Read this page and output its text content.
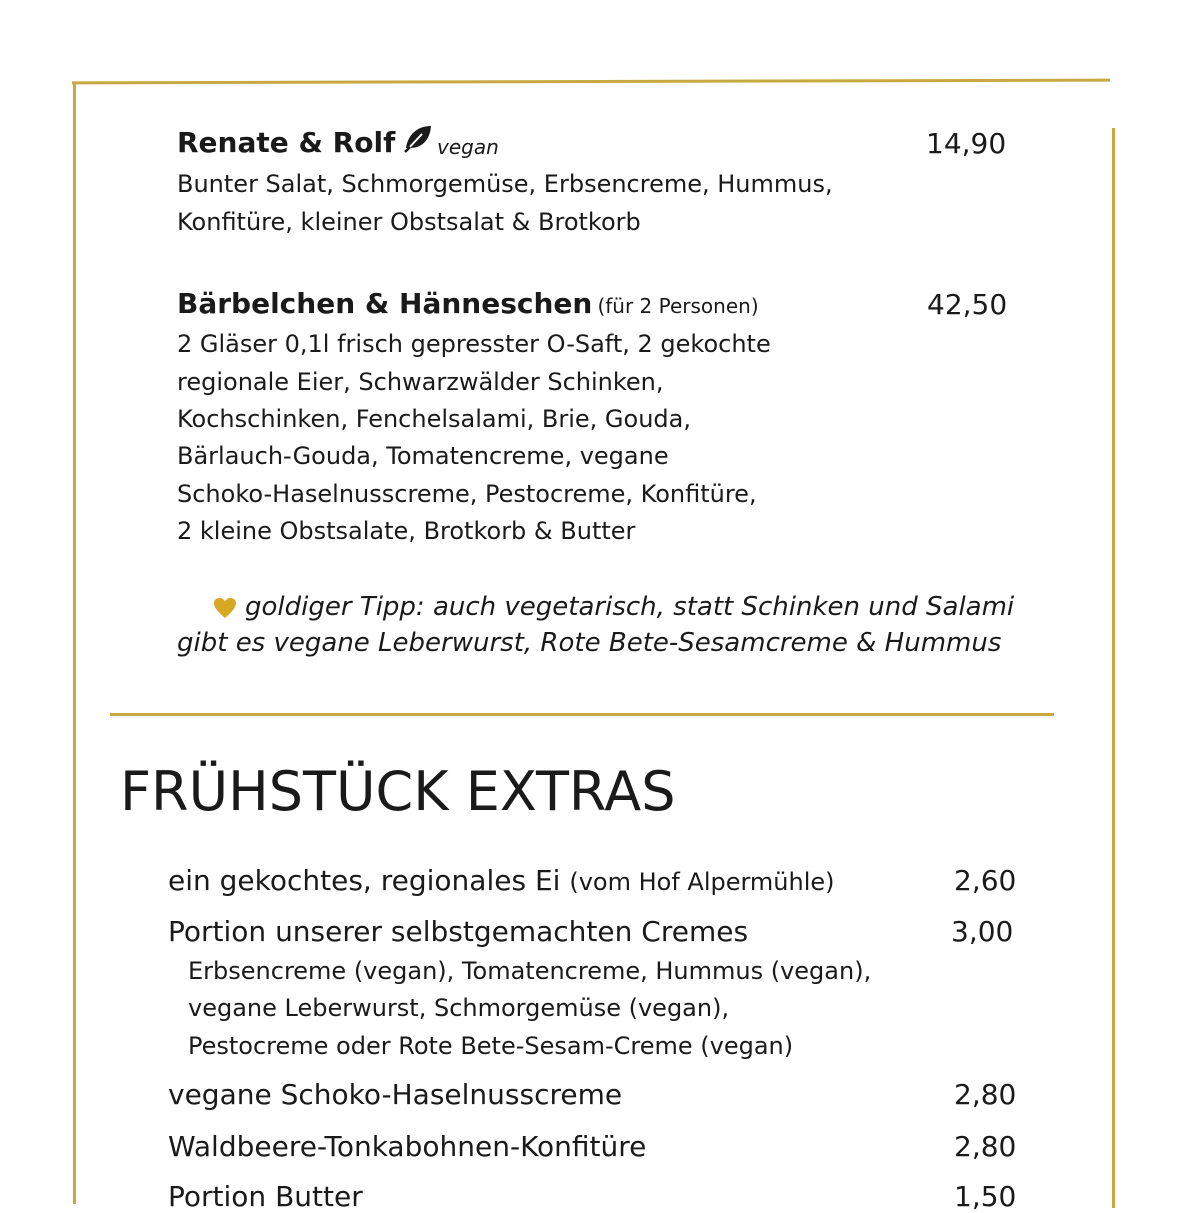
Renate & Rolf vegan	14,90
Bunter Salat, Schmorgemüse, Erbsencreme, Hummus,
Konfitüre, kleiner Obstsalat & Brotkorb
Bärbelchen & Hänneschen (für 2 Personen)	42,50
2 Gläser 0,1l frisch gepresster O-Saft, 2 gekochte
regionale Eier, Schwarzwälder Schinken,
Kochschinken, Fenchelsalami, Brie, Gouda,
Bärlauch-Gouda, Tomatencreme, vegane
Schoko-Haselnusscreme, Pestocreme, Konfitüre,
2 kleine Obstsalate, Brotkorb & Butter
goldiger Tipp: auch vegetarisch, statt Schinken und Salami
gibt es vegane Leberwurst, Rote Bete-Sesamcreme & Hummus
FRÜHSTÜCK EXTRAS
ein gekochtes, regionales Ei (vom Hof Alpermühle)	2,60
Portion unserer selbstgemachten Cremes	3,00
Erbsencreme (vegan), Tomatencreme, Hummus (vegan),
vegane Leberwurst, Schmorgemüse (vegan),
Pestocreme oder Rote Bete-Sesam-Creme (vegan)
vegane Schoko-Haselnusscreme	2,80
Waldbeere-Tonkabohnen-Konfitüre	2,80
Portion Butter	1,50
